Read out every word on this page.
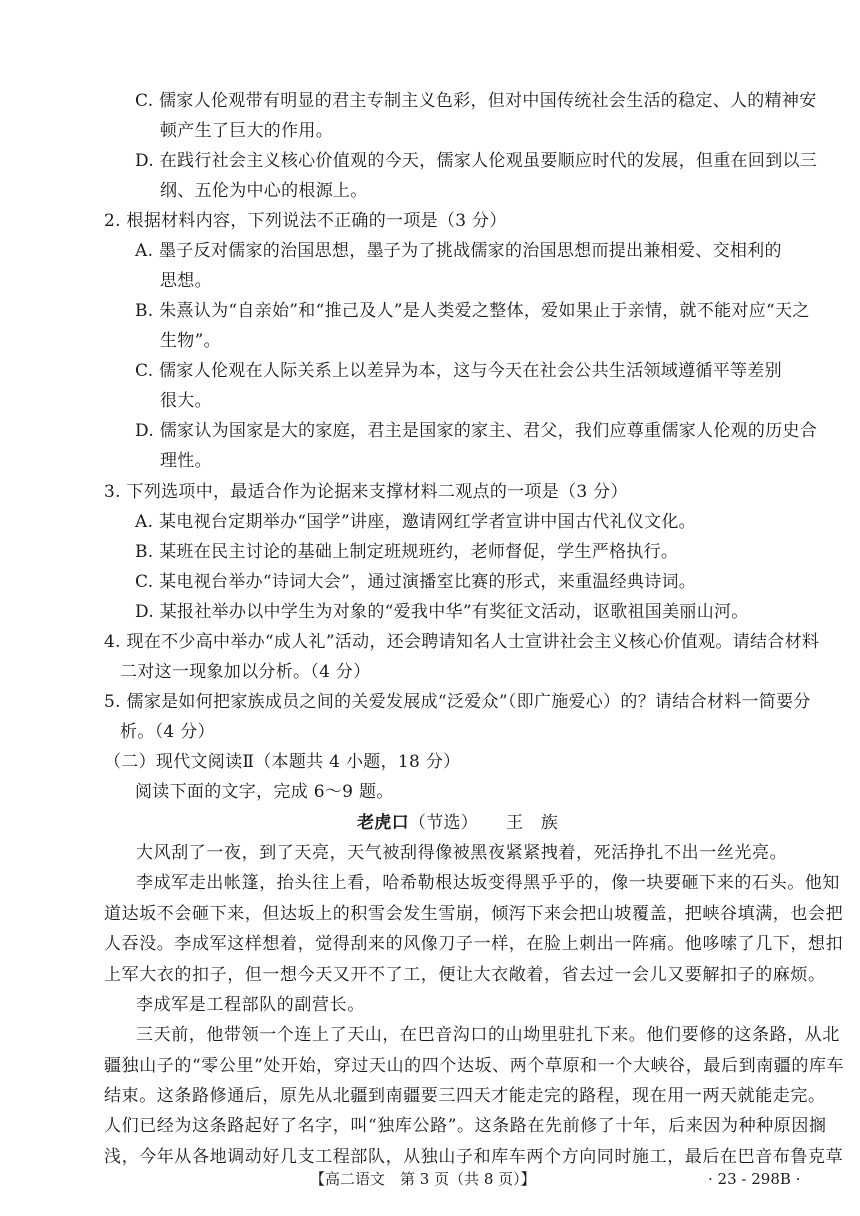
C. 儒家人伦观带有明显的君主专制主义色彩，但对中国传统社会生活的稳定、人的精神安
顿产生了巨大的作用。
D. 在践行社会主义核心价值观的今天，儒家人伦观虽要顺应时代的发展，但重在回到以三
纲、五伦为中心的根源上。
2. 根据材料内容，下列说法不正确的一项是（3 分）
A. 墨子反对儒家的治国思想，墨子为了挑战儒家的治国思想而提出兼相爱、交相利的
思想。
B. 朱熹认为“自亲始”和“推己及人”是人类爱之整体，爱如果止于亲情，就不能对应“天之
生物”。
C. 儒家人伦观在人际关系上以差异为本，这与今天在社会公共生活领域遵循平等差别
很大。
D. 儒家认为国家是大的家庭，君主是国家的家主、君父，我们应尊重儒家人伦观的历史合
理性。
3. 下列选项中，最适合作为论据来支撑材料二观点的一项是（3 分）
A. 某电视台定期举办“国学”讲座，邀请网红学者宣讲中国古代礼仪文化。
B. 某班在民主讨论的基础上制定班规班约，老师督促，学生严格执行。
C. 某电视台举办“诗词大会”，通过演播室比赛的形式，来重温经典诗词。
D. 某报社举办以中学生为对象的“爱我中华”有奖征文活动，讴歌祖国美丽山河。
4. 现在不少高中举办“成人礼”活动，还会聘请知名人士宣讲社会主义核心价值观。请结合材料
二对这一现象加以分析。（4 分）
5. 儒家是如何把家族成员之间的关爱发展成“泛爱众”（即广施爱心）的？请结合材料一简要分
析。（4 分）
（二）现代文阅读Ⅱ（本题共 4 小题，18 分）
阅读下面的文字，完成 6～9 题。
老虎口（节选） 王　族
大风刮了一夜，到了天亮，天气被刮得像被黑夜紧紧拽着，死活挣扎不出一丝光亮。
李成军走出帐篷，抬头往上看，哈希勒根达坂变得黑乎乎的，像一块要砸下来的石头。他知
道达坂不会砸下来，但达坂上的积雪会发生雪崩，倾泻下来会把山坡覆盖，把峡谷填满，也会把
人吞没。李成军这样想着，觉得刮来的风像刀子一样，在脸上刺出一阵痛。他哆嗦了几下，想扣
上军大衣的扣子，但一想今天又开不了工，便让大衣敞着，省去过一会儿又要解扣子的麻烦。
李成军是工程部队的副营长。
三天前，他带领一个连上了天山，在巴音沟口的山坳里驻扎下来。他们要修的这条路，从北
疆独山子的“零公里”处开始，穿过天山的四个达坂、两个草原和一个大峡谷，最后到南疆的库车
结束。这条路修通后，原先从北疆到南疆要三四天才能走完的路程，现在用一两天就能走完。
人们已经为这条路起好了名字，叫“独库公路”。这条路在先前修了十年，后来因为种种原因搁
浅，今年从各地调动好几支工程部队，从独山子和库车两个方向同时施工，最后在巴音布鲁克草
【高二语文　第 3 页（共 8 页）】	· 23 - 298B ·
